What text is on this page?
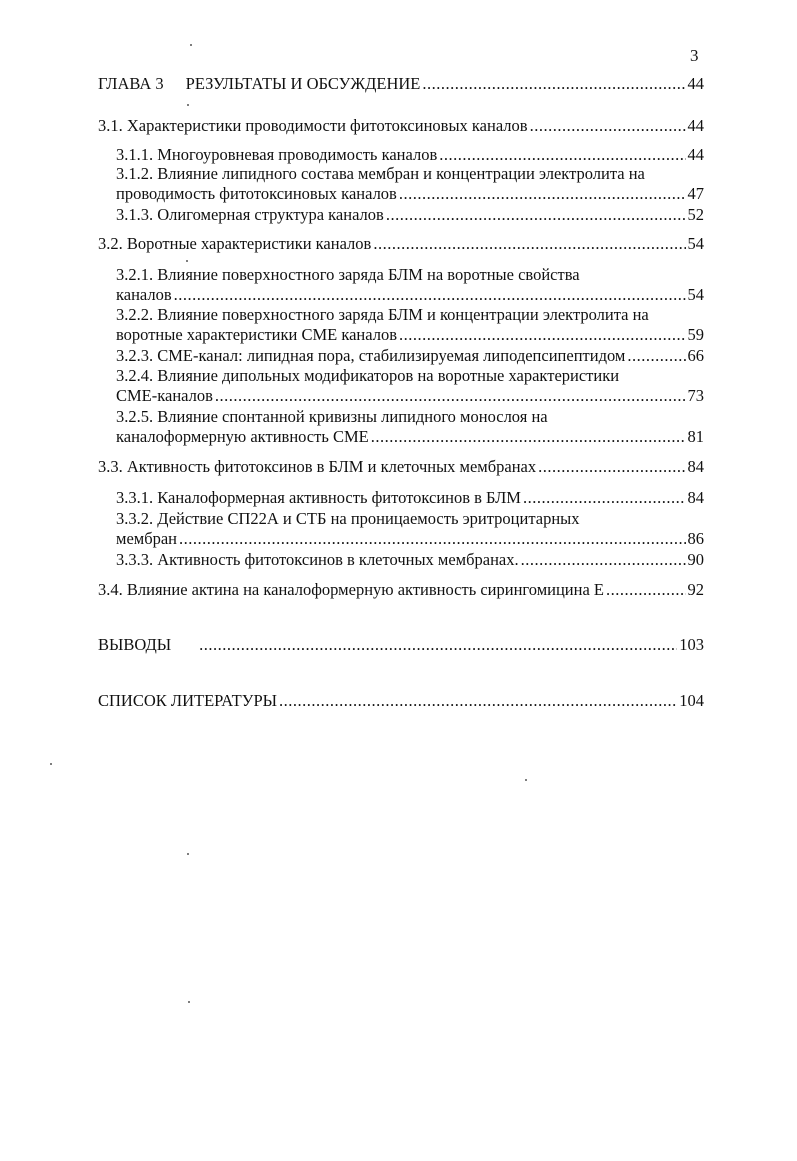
3
ГЛАВА 3 РЕЗУЛЬТАТЫ И ОБСУЖДЕНИЕ .....	44
3.1. Характеристики проводимости фитотоксиновых каналов .....	44
3.1.1. Многоуровневая проводимость каналов .....	44
3.1.2. Влияние липидного состава мембран и концентрации электролита на
проводимость фитотоксиновых каналов .....	47
3.1.3. Олигомерная структура каналов .....	52
3.2. Воротные характеристики каналов .....	54
3.2.1. Влияние поверхностного заряда БЛМ на воротные свойства
каналов .....	54
3.2.2. Влияние поверхностного заряда БЛМ и концентрации электролита на
воротные характеристики СМЕ каналов .....	59
3.2.3. СМЕ-канал: липидная пора, стабилизируемая липодепсипептидом .....	66
3.2.4. Влияние дипольных модификаторов на воротные характеристики
СМЕ-каналов .....	73
3.2.5. Влияние спонтанной кривизны липидного монослоя на
каналоформерную активность СМЕ .....	81
3.3. Активность фитотоксинов в БЛМ и клеточных мембранах .....	84
3.3.1. Каналоформерная активность фитотоксинов в БЛМ .....	84
3.3.2. Действие СП22А и СТБ на проницаемость эритроцитарных
мембран .....	86
3.3.3. Активность фитотоксинов в клеточных мембранах. .....	90
3.4. Влияние актина на каналоформерную активность сирингомицина Е .....	92
ВЫВОДЫ .....	103
СПИСОК ЛИТЕРАТУРЫ .....	104
